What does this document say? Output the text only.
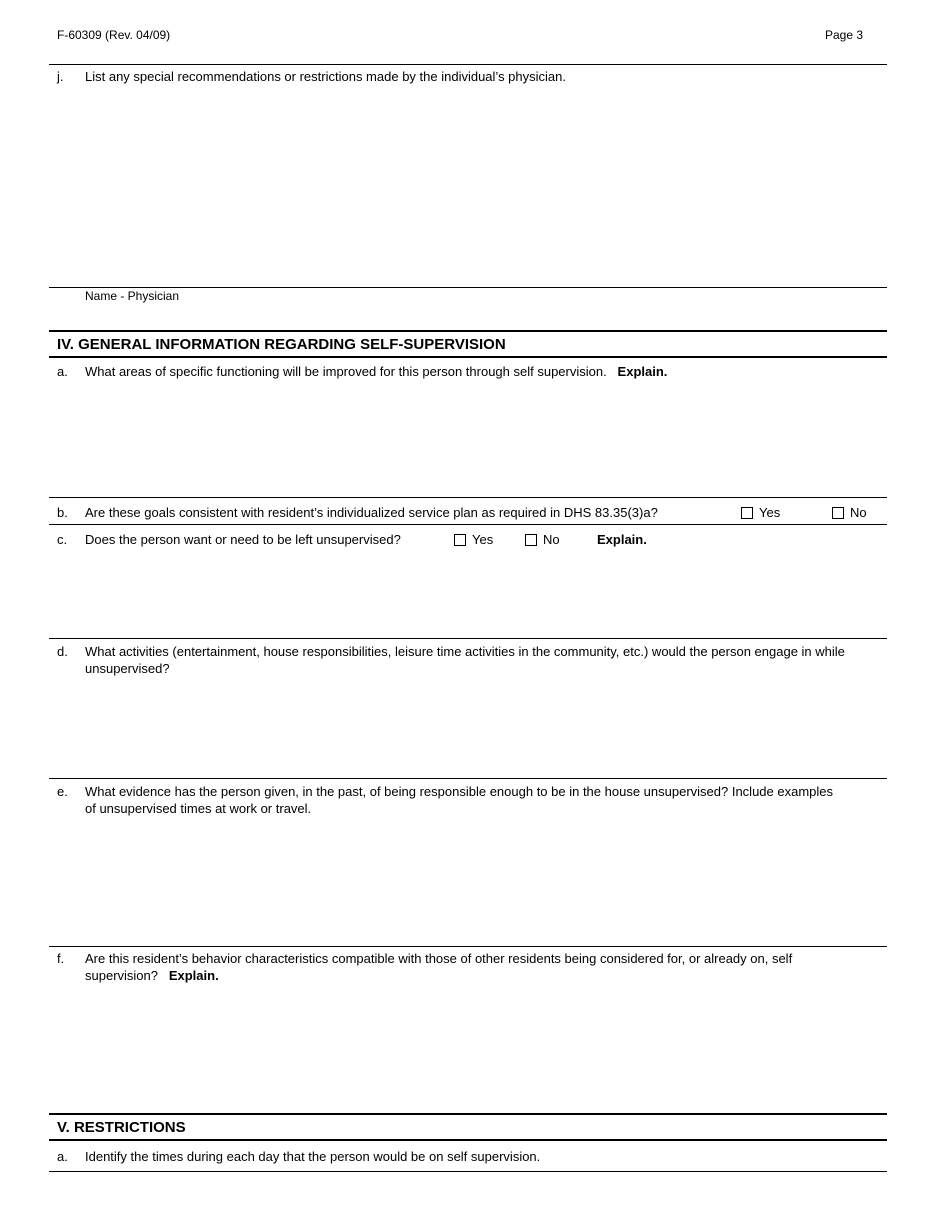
F-60309 (Rev. 04/09)	Page 3
j. List any special recommendations or restrictions made by the individual’s physician.
Name - Physician
IV. GENERAL INFORMATION REGARDING SELF-SUPERVISION
a. What areas of specific functioning will be improved for this person through self supervision. Explain.
b. Are these goals consistent with resident’s individualized service plan as required in DHS 83.35(3)a?	Yes	No
c. Does the person want or need to be left unsupervised?	Yes	No	Explain.
d. What activities (entertainment, house responsibilities, leisure time activities in the community, etc.) would the person engage in while unsupervised?
e. What evidence has the person given, in the past, of being responsible enough to be in the house unsupervised? Include examples of unsupervised times at work or travel.
f. Are this resident’s behavior characteristics compatible with those of other residents being considered for, or already on, self supervision? Explain.
V. RESTRICTIONS
a. Identify the times during each day that the person would be on self supervision.
